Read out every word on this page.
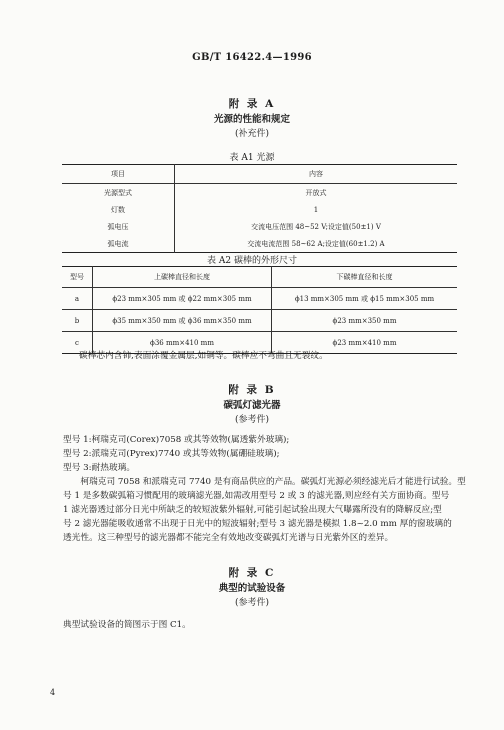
GB/T 16422.4—1996
附 录 A
光源的性能和规定
(补充件)
表 A1 光源
项目	内容
光源型式	开放式
灯数	1
弧电压	交流电压范围 48~52 V;设定值(50±1) V
弧电流	交流电流范围 58~62 A;设定值(60±1.2) A
表 A2 碳棒的外形尺寸
型号	上碳棒直径和长度	下碳棒直径和长度
a	ϕ23 mm×305 mm 或 ϕ22 mm×305 mm	ϕ13 mm×305 mm 或 ϕ15 mm×305 mm
b	ϕ35 mm×350 mm 或 ϕ36 mm×350 mm	ϕ23 mm×350 mm
c	ϕ36 mm×410 mm	ϕ23 mm×410 mm
碳棒芯内含铈,表面涂覆金属层,如铜等。碳棒应不弯曲且无裂纹。
附 录 B
碳弧灯滤光器
(参考件)
型号 1:柯瑞克司(Corex)7058 或其等效物(属透紫外玻璃);
型号 2:派瑞克司(Pyrex)7740 或其等效物(属硼硅玻璃);
型号 3:耐热玻璃。
　　柯瑞克司 7058 和派瑞克司 7740 是有商品供应的产品。碳弧灯光源必须经滤光后才能进行试验。型
号 1 是多数碳弧箱习惯配用的玻璃滤光器,如需改用型号 2 或 3 的滤光器,则应经有关方面协商。型号
1 滤光器透过部分日光中所缺乏的较短波紫外辐射,可能引起试验出现大气曝露所没有的降解反应;型
号 2 滤光器能吸收通常不出现于日光中的短波辐射;型号 3 滤光器是模拟 1.8~2.0 mm 厚的窗玻璃的
透光性。这三种型号的滤光器都不能完全有效地改变碳弧灯光谱与日光紫外区的差异。
附 录 C
典型的试验设备
(参考件)
典型试验设备的简图示于图 C1。
4
